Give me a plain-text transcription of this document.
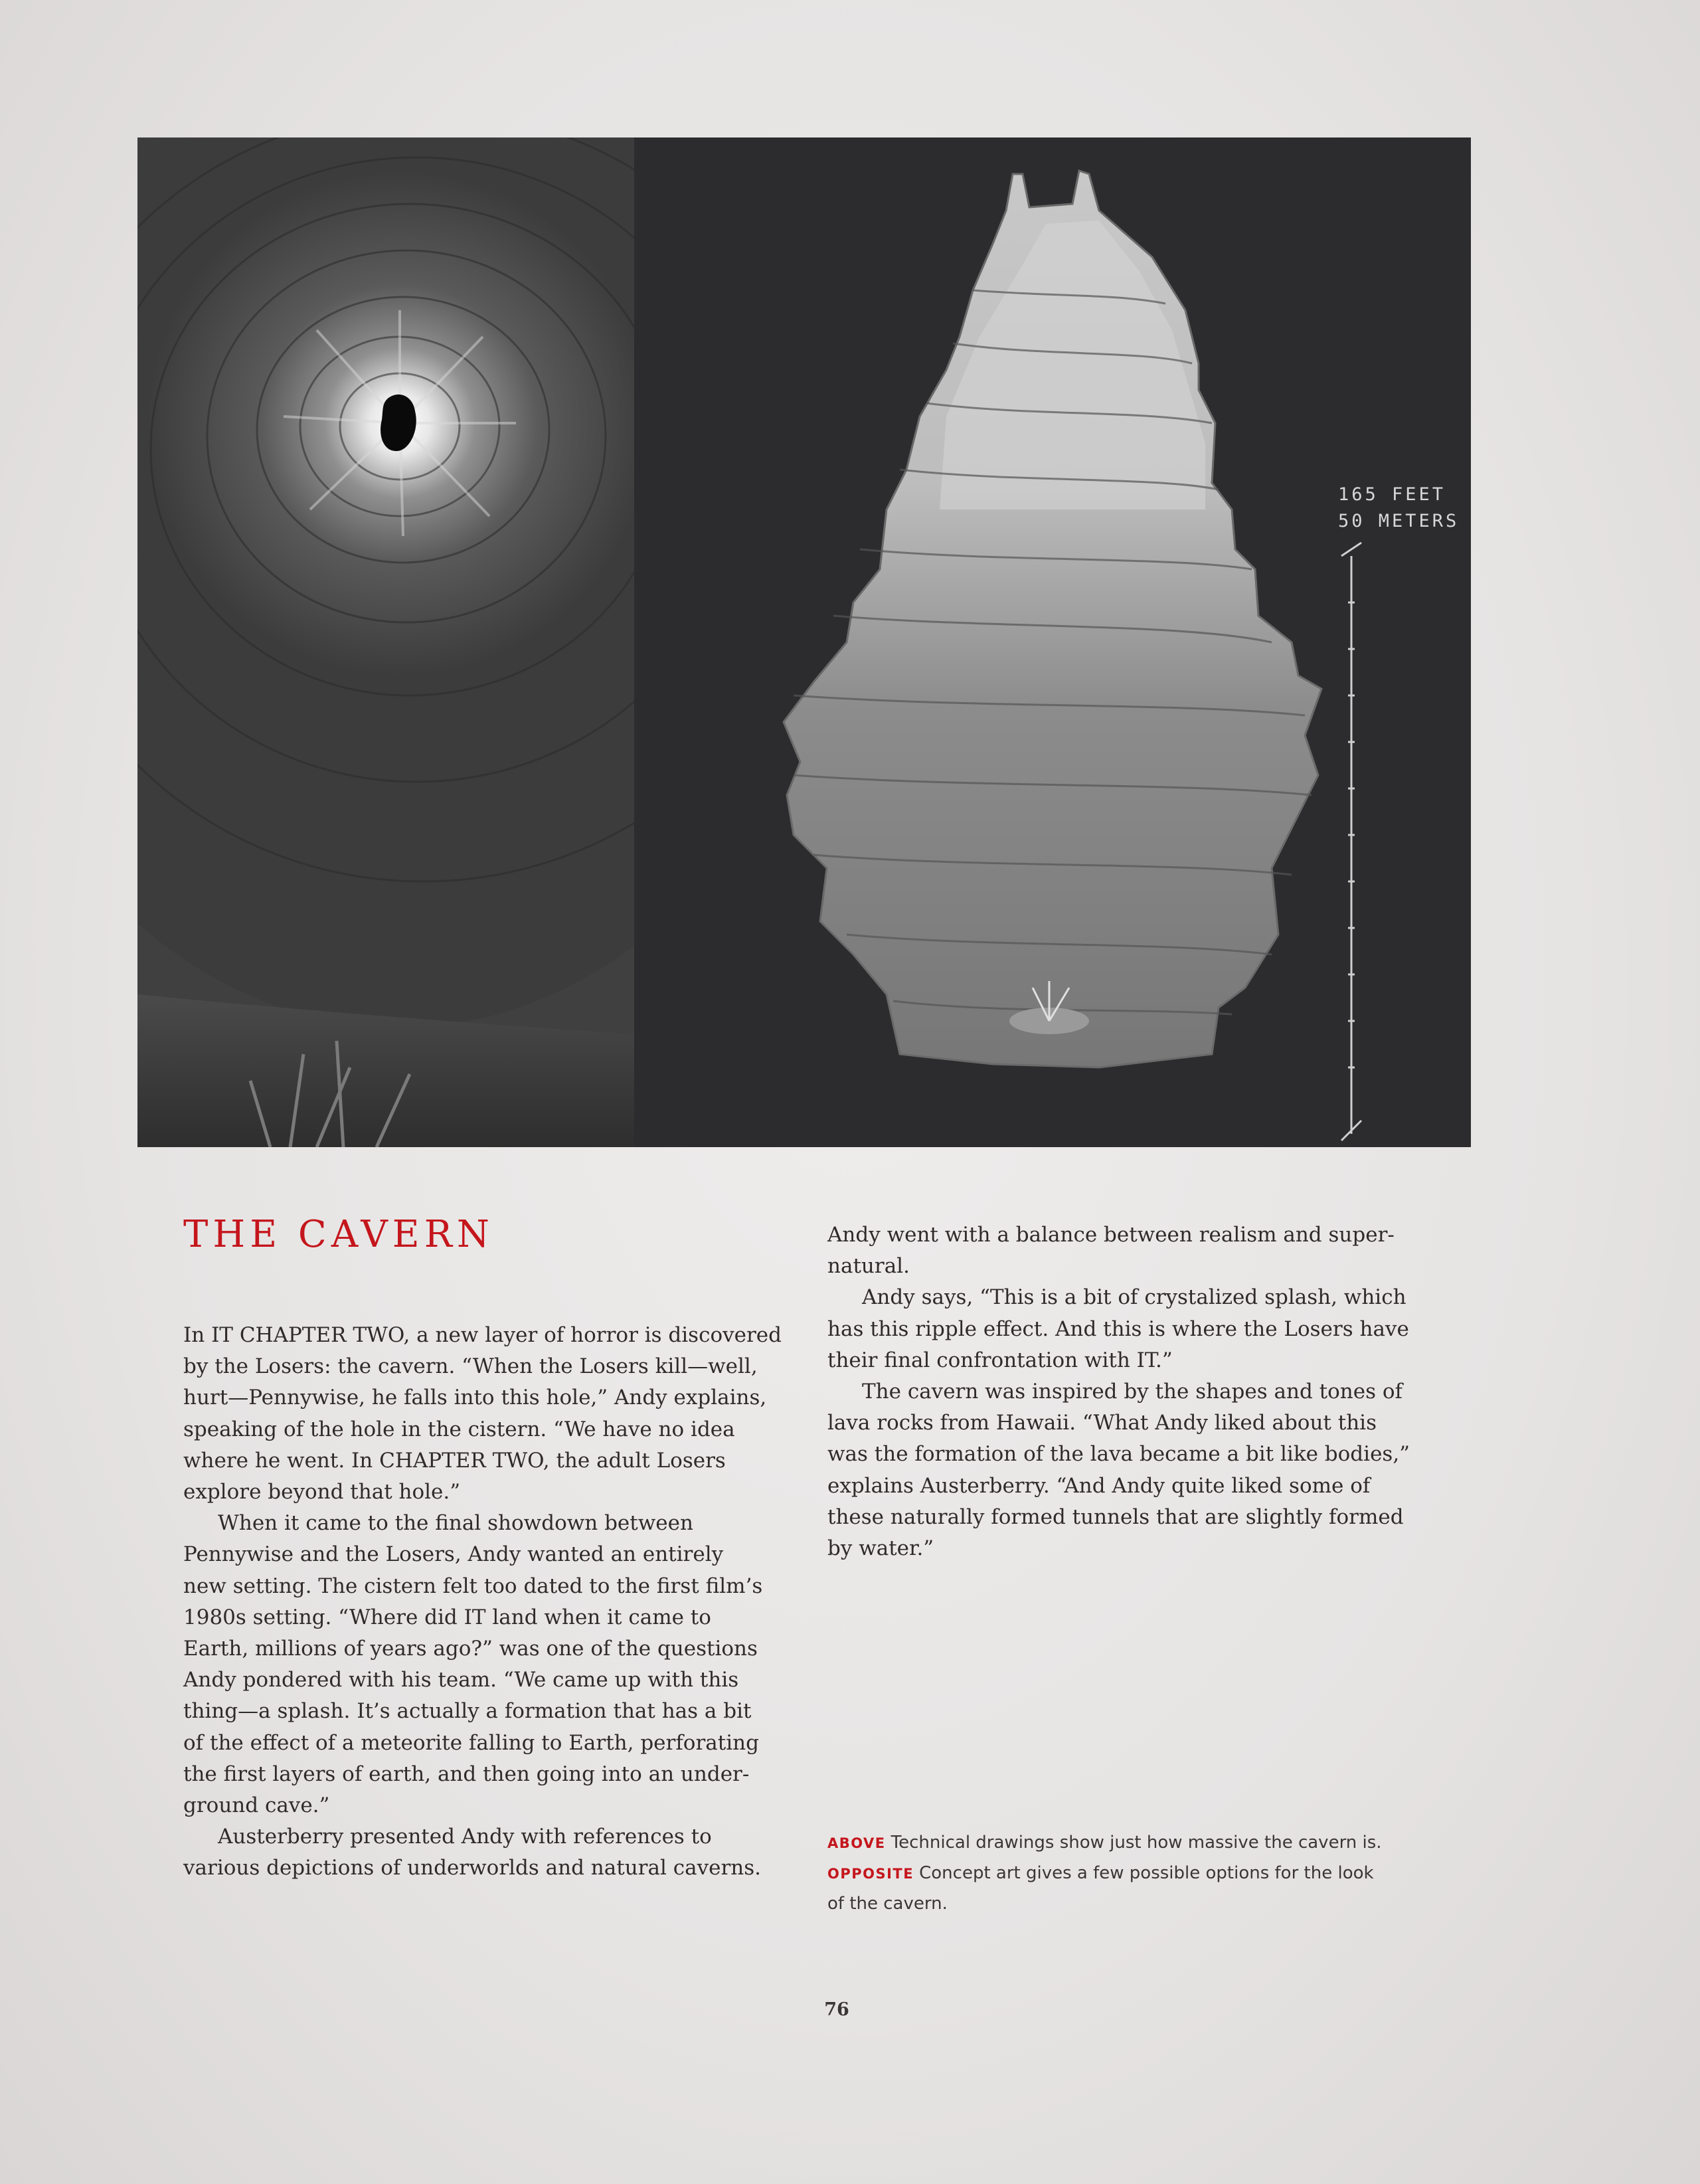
165 FEET
50 METERS
THE CAVERN

In IT CHAPTER TWO, a new layer of horror is discovered

by the Losers: the cavern. “When the Losers kill—well,

hurt—Pennywise, he falls into this hole,” Andy explains,

speaking of the hole in the cistern. “We have no idea

where he went. In CHAPTER TWO, the adult Losers

explore beyond that hole.”

When it came to the final showdown between

Pennywise and the Losers, Andy wanted an entirely

new setting. The cistern felt too dated to the first film’s

1980s setting. “Where did IT land when it came to

Earth, millions of years ago?” was one of the questions

Andy pondered with his team. “We came up with this

thing—a splash. It’s actually a formation that has a bit

of the effect of a meteorite falling to Earth, perforating

the first layers of earth, and then going into an under-

ground cave.”

Austerberry presented Andy with references to

various depictions of underworlds and natural caverns.

Andy went with a balance between realism and super-

natural.

Andy says, “This is a bit of crystalized splash, which

has this ripple effect. And this is where the Losers have

their final confrontation with IT.”

The cavern was inspired by the shapes and tones of

lava rocks from Hawaii. “What Andy liked about this

was the formation of the lava became a bit like bodies,”

explains Austerberry. “And Andy quite liked some of

these naturally formed tunnels that are slightly formed

by water.”

ABOVE Technical drawings show just how massive the cavern is.

OPPOSITE Concept art gives a few possible options for the look

of the cavern.

76
